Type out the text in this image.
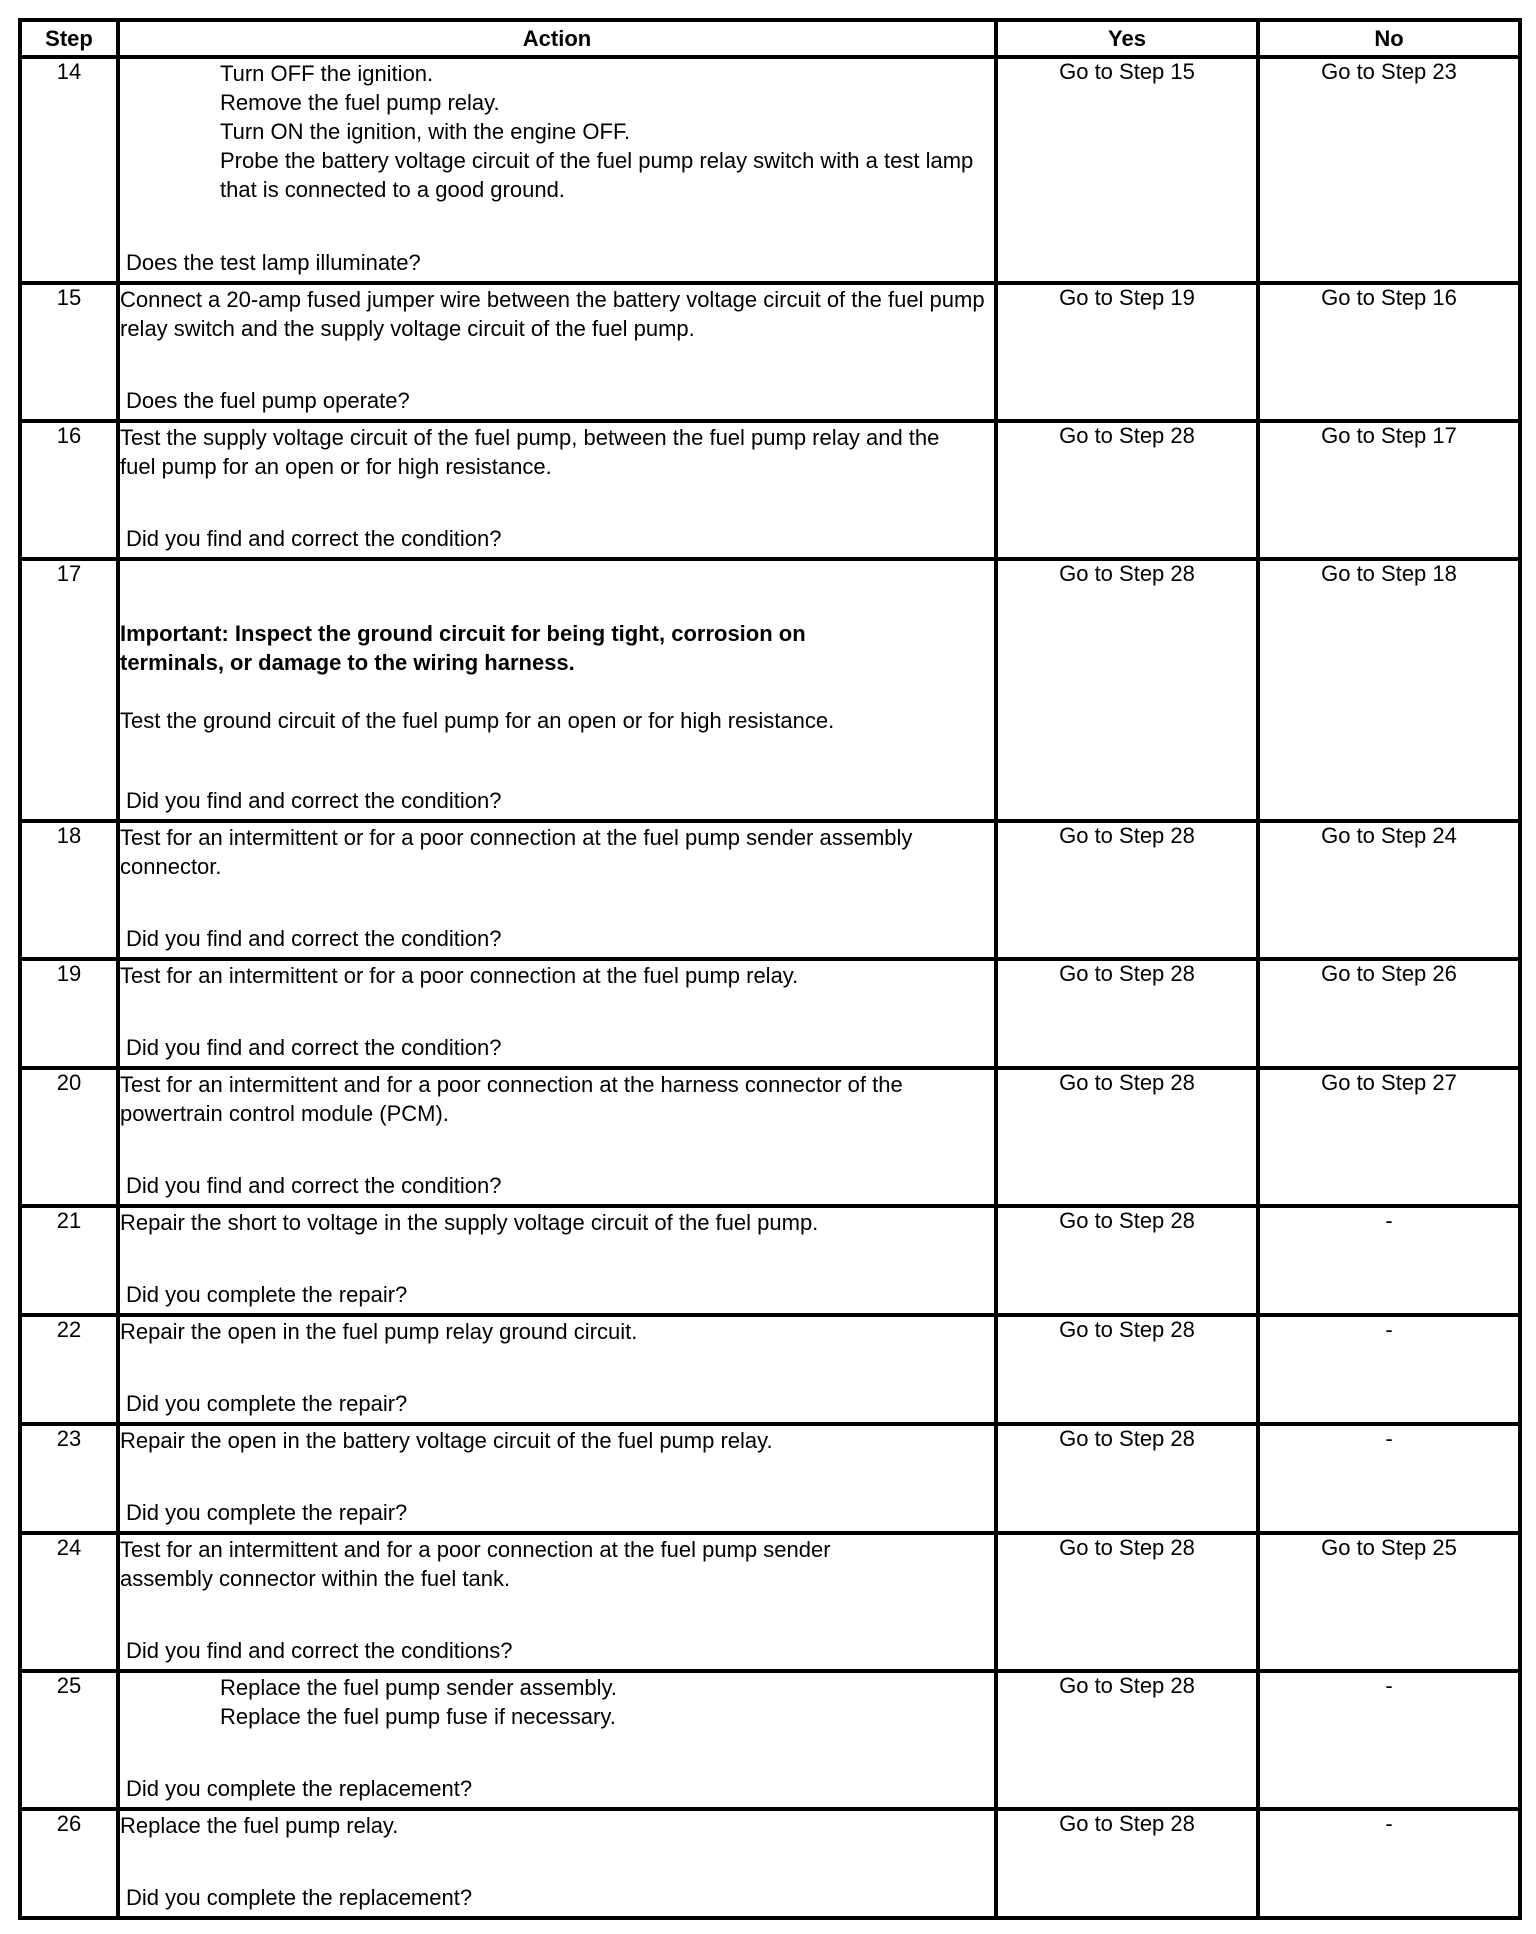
Step	Action	Yes	No
14	Turn OFF the ignition.
Remove the fuel pump relay.
Turn ON the ignition, with the engine OFF.
Probe the battery voltage circuit of the fuel pump relay switch with a test lamp that is connected to a good ground.
Does the test lamp illuminate?	Go to Step 15	Go to Step 23
15	Connect a 20-amp fused jumper wire between the battery voltage circuit of the fuel pump relay switch and the supply voltage circuit of the fuel pump.
Does the fuel pump operate?	Go to Step 19	Go to Step 16
16	Test the supply voltage circuit of the fuel pump, between the fuel pump relay and the fuel pump for an open or for high resistance.
Did you find and correct the condition?	Go to Step 28	Go to Step 17
17	Important: Inspect the ground circuit for being tight, corrosion on terminals, or damage to the wiring harness.
Test the ground circuit of the fuel pump for an open or for high resistance.
Did you find and correct the condition?	Go to Step 28	Go to Step 18
18	Test for an intermittent or for a poor connection at the fuel pump sender assembly connector.
Did you find and correct the condition?	Go to Step 28	Go to Step 24
19	Test for an intermittent or for a poor connection at the fuel pump relay.
Did you find and correct the condition?	Go to Step 28	Go to Step 26
20	Test for an intermittent and for a poor connection at the harness connector of the powertrain control module (PCM).
Did you find and correct the condition?	Go to Step 28	Go to Step 27
21	Repair the short to voltage in the supply voltage circuit of the fuel pump.
Did you complete the repair?	Go to Step 28	-
22	Repair the open in the fuel pump relay ground circuit.
Did you complete the repair?	Go to Step 28	-
23	Repair the open in the battery voltage circuit of the fuel pump relay.
Did you complete the repair?	Go to Step 28	-
24	Test for an intermittent and for a poor connection at the fuel pump sender assembly connector within the fuel tank.
Did you find and correct the conditions?	Go to Step 28	Go to Step 25
25	Replace the fuel pump sender assembly.
Replace the fuel pump fuse if necessary.
Did you complete the replacement?	Go to Step 28	-
26	Replace the fuel pump relay.
Did you complete the replacement?	Go to Step 28	-
